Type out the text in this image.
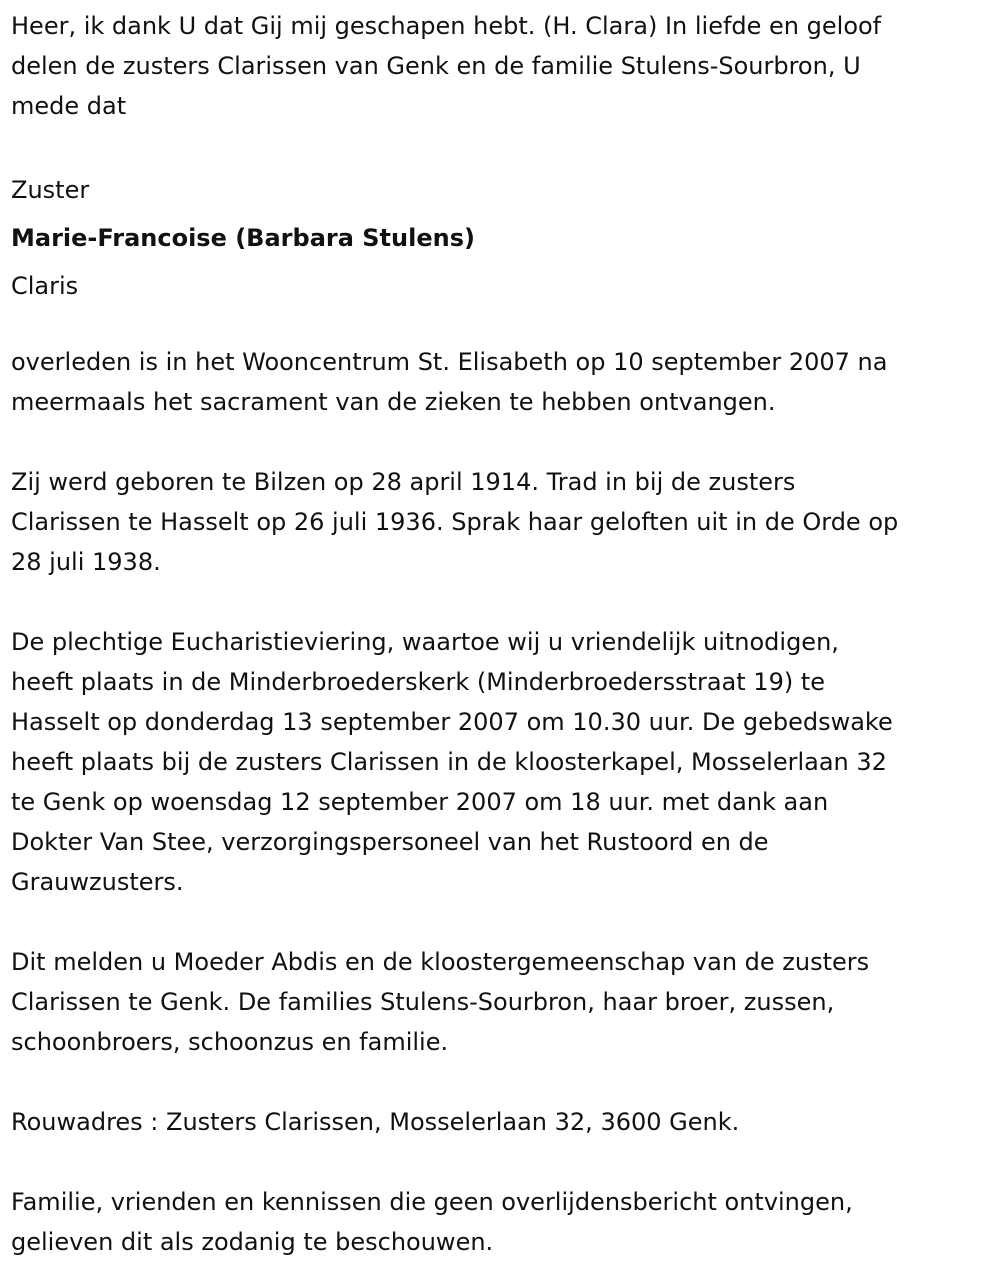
Heer, ik dank U dat Gij mij geschapen hebt. (H. Clara) In liefde en geloof
delen de zusters Clarissen van Genk en de familie Stulens-Sourbron, U
mede dat
Zuster
Marie-Francoise (Barbara Stulens)
Claris
overleden is in het Wooncentrum St. Elisabeth op 10 september 2007 na
meermaals het sacrament van de zieken te hebben ontvangen.
Zij werd geboren te Bilzen op 28 april 1914. Trad in bij de zusters
Clarissen te Hasselt op 26 juli 1936. Sprak haar geloften uit in de Orde op
28 juli 1938.
De plechtige Eucharistieviering, waartoe wij u vriendelijk uitnodigen,
heeft plaats in de Minderbroederskerk (Minderbroedersstraat 19) te
Hasselt op donderdag 13 september 2007 om 10.30 uur. De gebedswake
heeft plaats bij de zusters Clarissen in de kloosterkapel, Mosselerlaan 32
te Genk op woensdag 12 september 2007 om 18 uur. met dank aan
Dokter Van Stee, verzorgingspersoneel van het Rustoord en de
Grauwzusters.
Dit melden u Moeder Abdis en de kloostergemeenschap van de zusters
Clarissen te Genk. De families Stulens-Sourbron, haar broer, zussen,
schoonbroers, schoonzus en familie.
Rouwadres : Zusters Clarissen, Mosselerlaan 32, 3600 Genk.
Familie, vrienden en kennissen die geen overlijdensbericht ontvingen,
gelieven dit als zodanig te beschouwen.
